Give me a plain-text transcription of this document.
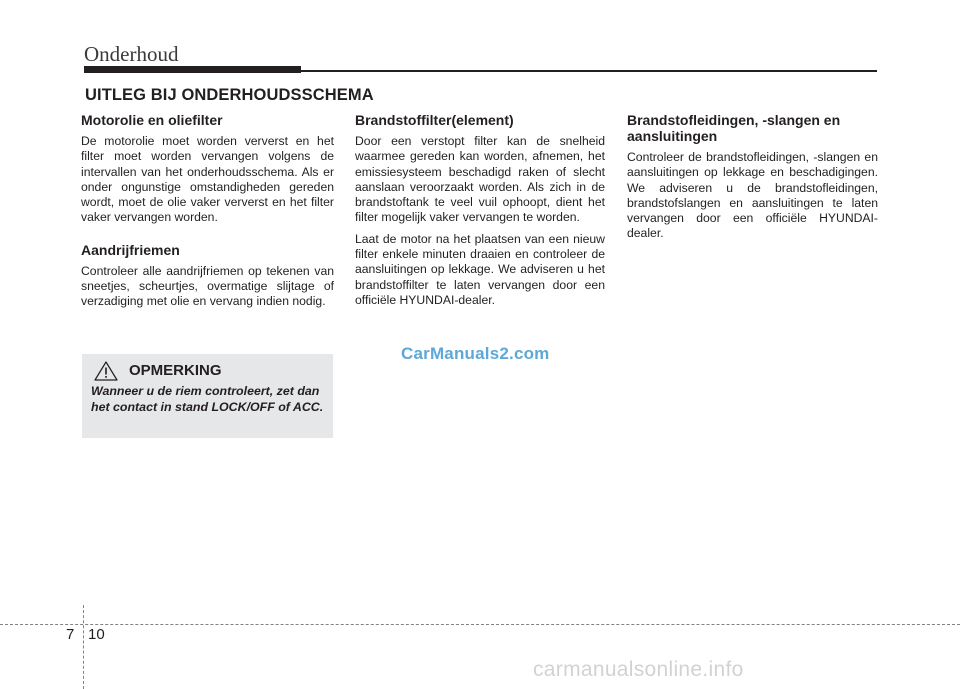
Onderhoud
UITLEG BIJ ONDERHOUDSSCHEMA
Motorolie en oliefilter

De motorolie moet worden ververst en het filter moet worden vervangen volgens de intervallen van het onderhoudsschema. Als er onder ongunstige omstandigheden gereden wordt, moet de olie vaker ververst en het filter vaker vervangen worden.

Aandrijfriemen

Controleer alle aandrijfriemen op tekenen van sneetjes, scheurtjes, overmatige slijtage of verzadiging met olie en vervang indien nodig.

Brandstoffilter(element)

Door een verstopt filter kan de snelheid waarmee gereden kan worden, afnemen, het emissiesysteem beschadigd raken of slecht aanslaan veroorzaakt worden. Als zich in de brandstoftank te veel vuil ophoopt, dient het filter mogelijk vaker vervangen te worden.

Laat de motor na het plaatsen van een nieuw filter enkele minuten draaien en controleer de aansluitingen op lekkage. We adviseren u het brandstoffilter te laten vervangen door een officiële HYUNDAI-dealer.

Brandstofleidingen, -slangen en aansluitingen

Controleer de brandstofleidingen, -slangen en aansluitingen op lekkage en beschadigingen. We adviseren u de brandstofleidingen, brandstofslangen en aansluitingen te laten vervangen door een officiële HYUNDAI-dealer.

OPMERKING
Wanneer u de riem controleert, zet dan het contact in stand LOCK/OFF of ACC.
CarManuals2.com
7 10
carmanualsonline.info
